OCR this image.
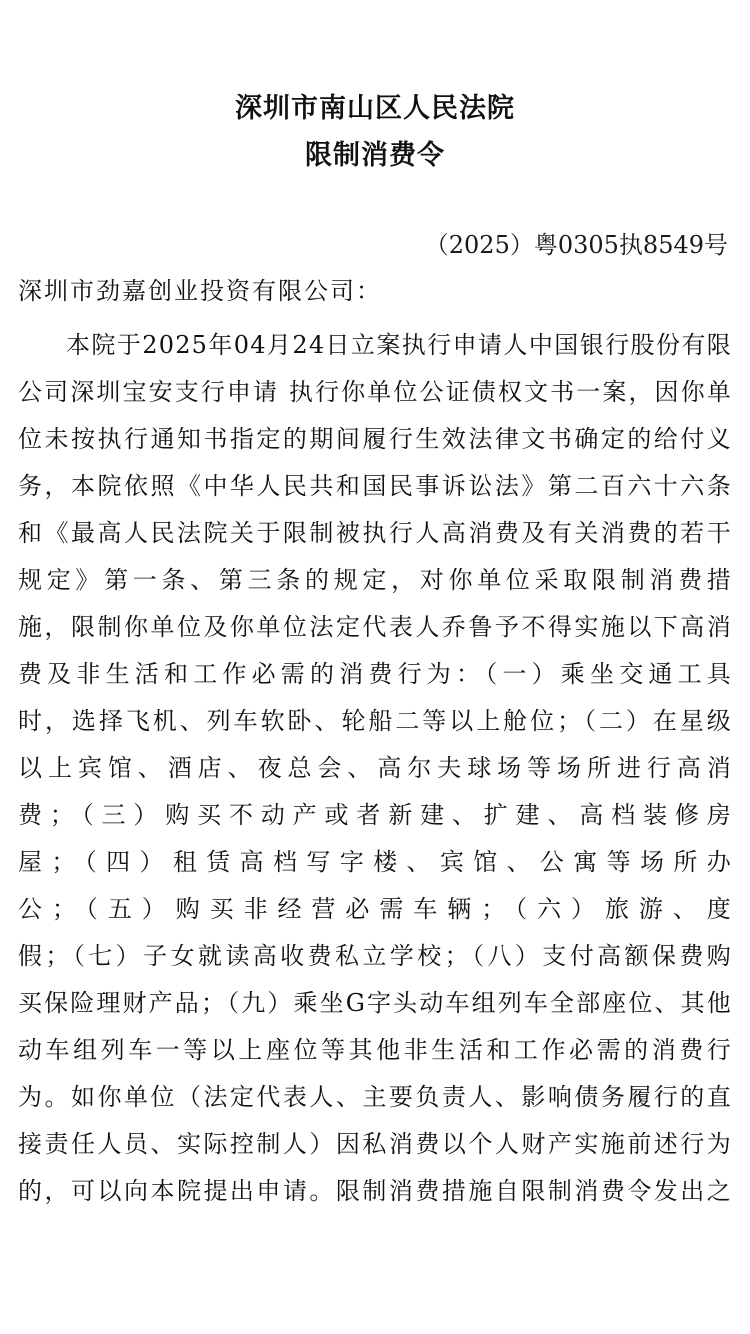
深圳市南山区人民法院
限制消费令
（2025）粤0305执8549号
深圳市劲嘉创业投资有限公司：
本院于2025年04月24日立案执行申请人中国银行股份有限
公司深圳宝安支行申请 执行你单位公证债权文书一案，因你单
位未按执行通知书指定的期间履行生效法律文书确定的给付义
务，本院依照《中华人民共和国民事诉讼法》第二百六十六条
和《最高人民法院关于限制被执行人高消费及有关消费的若干
规定》第一条、第三条的规定，对你单位采取限制消费措
施，限制你单位及你单位法定代表人乔鲁予不得实施以下高消
费及非生活和工作必需的消费行为：（一）乘坐交通工具
时，选择飞机、列车软卧、轮船二等以上舱位；（二）在星级
以上宾馆、酒店、夜总会、高尔夫球场等场所进行高消
费；（三）购买不动产或者新建、扩建、高档装修房
屋；（四）租赁高档写字楼、宾馆、公寓等场所办
公；（五）购买非经营必需车辆；（六）旅游、度
假；（七）子女就读高收费私立学校；（八）支付高额保费购
买保险理财产品；（九）乘坐G字头动车组列车全部座位、其他
动车组列车一等以上座位等其他非生活和工作必需的消费行
为。如你单位（法定代表人、主要负责人、影响债务履行的直
接责任人员、实际控制人）因私消费以个人财产实施前述行为
的，可以向本院提出申请。限制消费措施自限制消费令发出之
